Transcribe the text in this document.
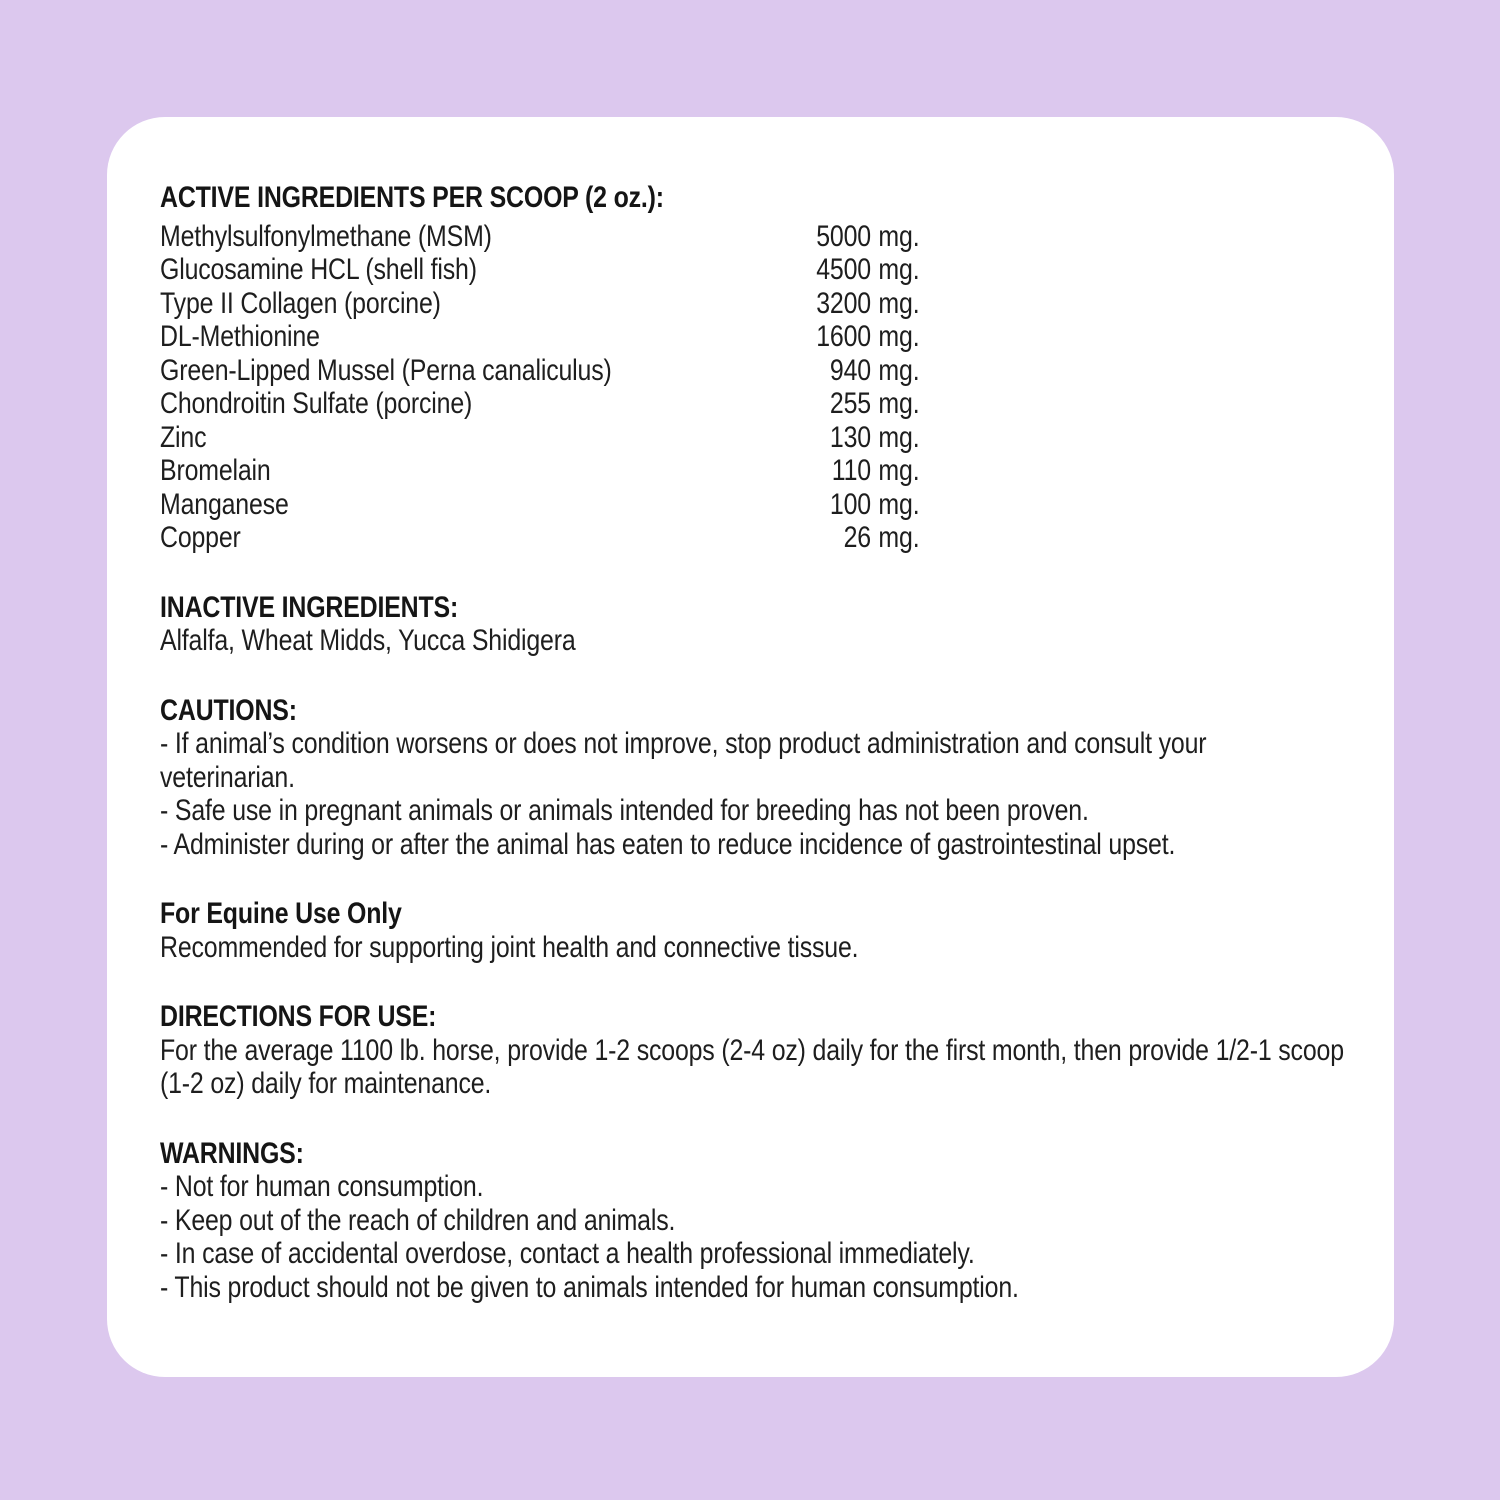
ACTIVE INGREDIENTS PER SCOOP (2 oz.):
Methylsulfonylmethane (MSM)	5000 mg.
Glucosamine HCL (shell fish)	4500 mg.
Type II Collagen (porcine)	3200 mg.
DL-Methionine	1600 mg.
Green-Lipped Mussel (Perna canaliculus)	940 mg.
Chondroitin Sulfate (porcine)	255 mg.
Zinc	130 mg.
Bromelain	110 mg.
Manganese	100 mg.
Copper	26 mg.
INACTIVE INGREDIENTS:
Alfalfa, Wheat Midds, Yucca Shidigera
CAUTIONS:
- If animal’s condition worsens or does not improve, stop product administration and consult your veterinarian.
- Safe use in pregnant animals or animals intended for breeding has not been proven.
- Administer during or after the animal has eaten to reduce incidence of gastrointestinal upset.
For Equine Use Only
Recommended for supporting joint health and connective tissue.
DIRECTIONS FOR USE:
For the average 1100 lb. horse, provide 1-2 scoops (2-4 oz) daily for the first month, then provide 1/2-1 scoop (1-2 oz) daily for maintenance.
WARNINGS:
- Not for human consumption.
- Keep out of the reach of children and animals.
- In case of accidental overdose, contact a health professional immediately.
- This product should not be given to animals intended for human consumption.
